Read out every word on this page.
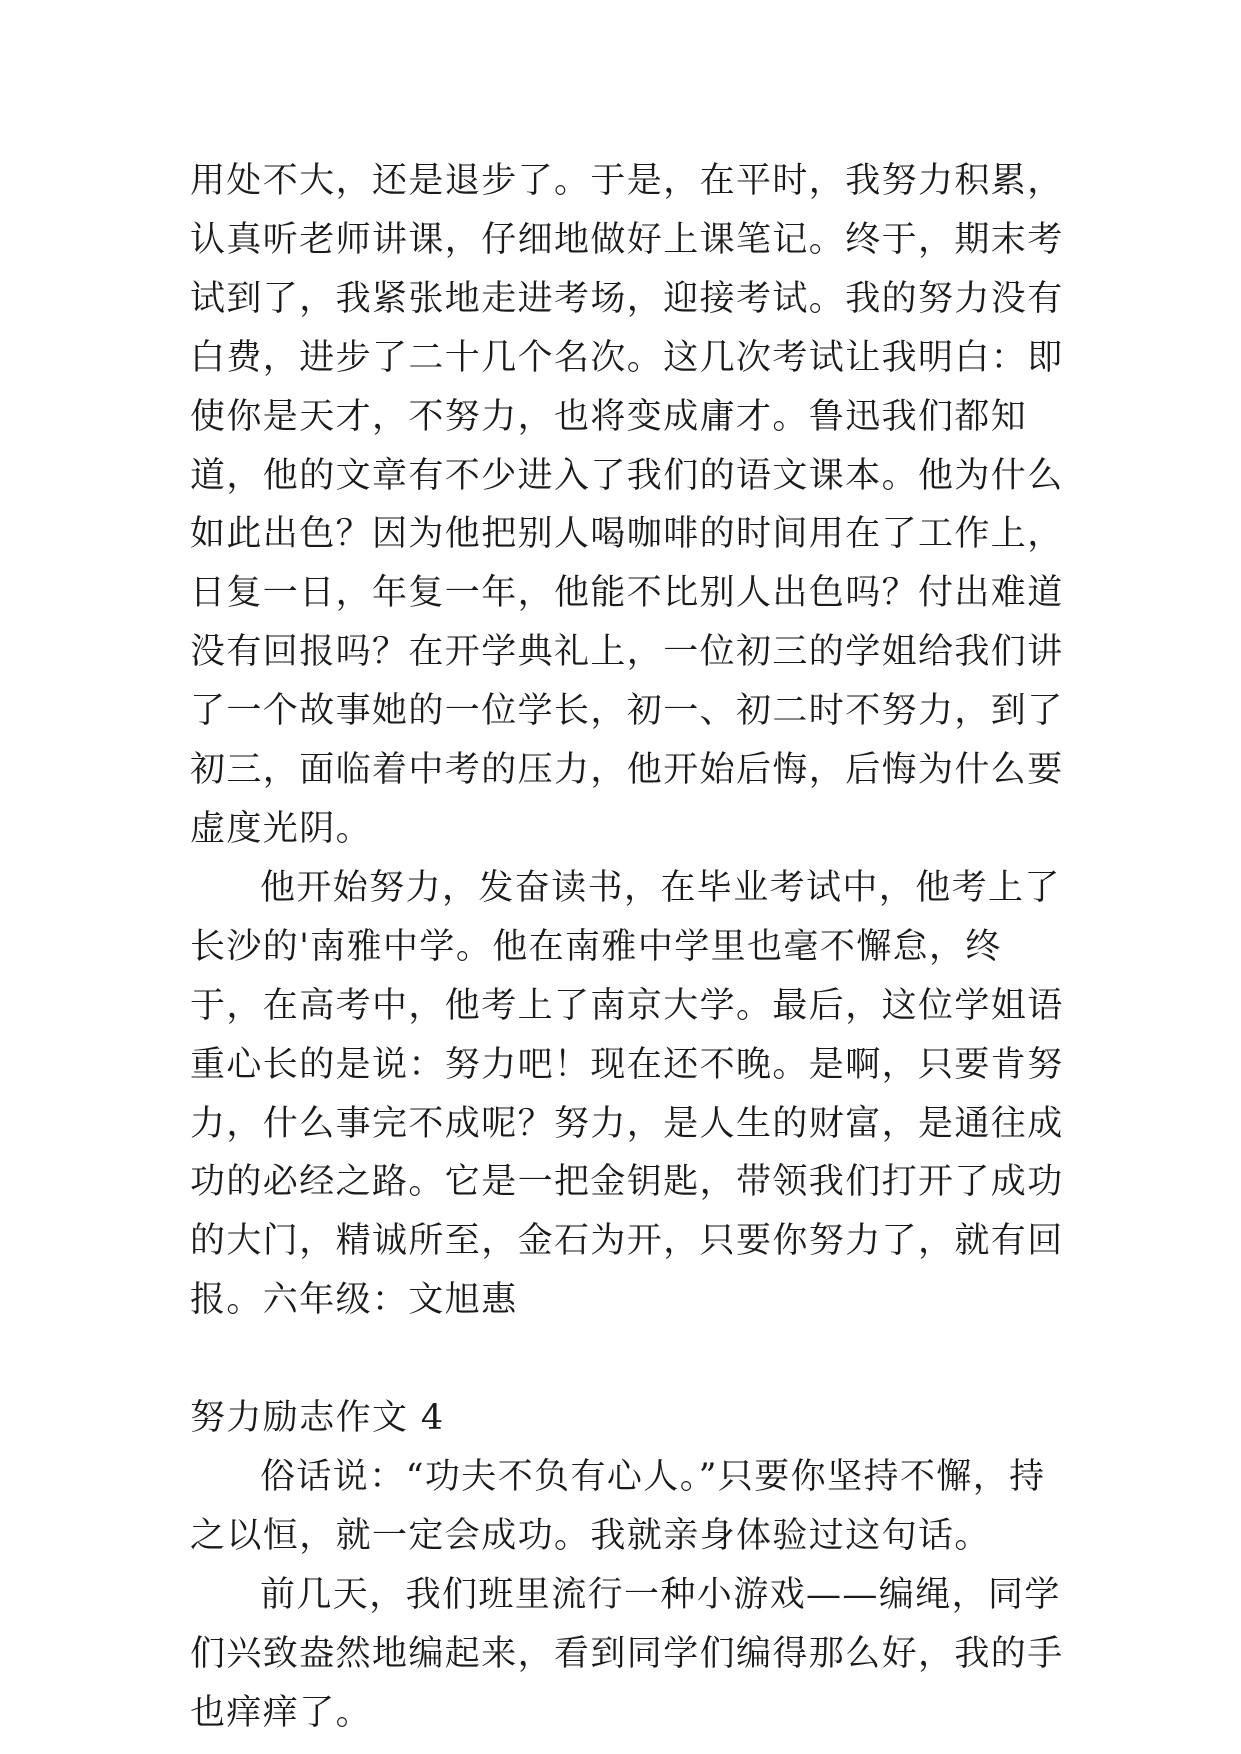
用处不大，还是退步了。于是，在平时，我努力积累，认真听老师讲课，仔细地做好上课笔记。终于，期末考试到了，我紧张地走进考场，迎接考试。我的努力没有白费，进步了二十几个名次。这几次考试让我明白：即使你是天才，不努力，也将变成庸才。鲁迅我们都知道，他的文章有不少进入了我们的语文课本。他为什么如此出色？因为他把别人喝咖啡的时间用在了工作上，日复一日，年复一年，他能不比别人出色吗？付出难道没有回报吗？在开学典礼上，一位初三的学姐给我们讲了一个故事她的一位学长，初一、初二时不努力，到了初三，面临着中考的压力，他开始后悔，后悔为什么要虚度光阴。

他开始努力，发奋读书，在毕业考试中，他考上了长沙的'南雅中学。他在南雅中学里也毫不懈怠，终于，在高考中，他考上了南京大学。最后，这位学姐语重心长的是说：努力吧！现在还不晚。是啊，只要肯努力，什么事完不成呢？努力，是人生的财富，是通往成功的必经之路。它是一把金钥匙，带领我们打开了成功的大门，精诚所至，金石为开，只要你努力了，就有回报。六年级：文旭惠

努力励志作文 4

俗话说：“功夫不负有心人。”只要你坚持不懈，持之以恒，就一定会成功。我就亲身体验过这句话。

前几天，我们班里流行一种小游戏——编绳，同学们兴致盎然地编起来，看到同学们编得那么好，我的手也痒痒了。
